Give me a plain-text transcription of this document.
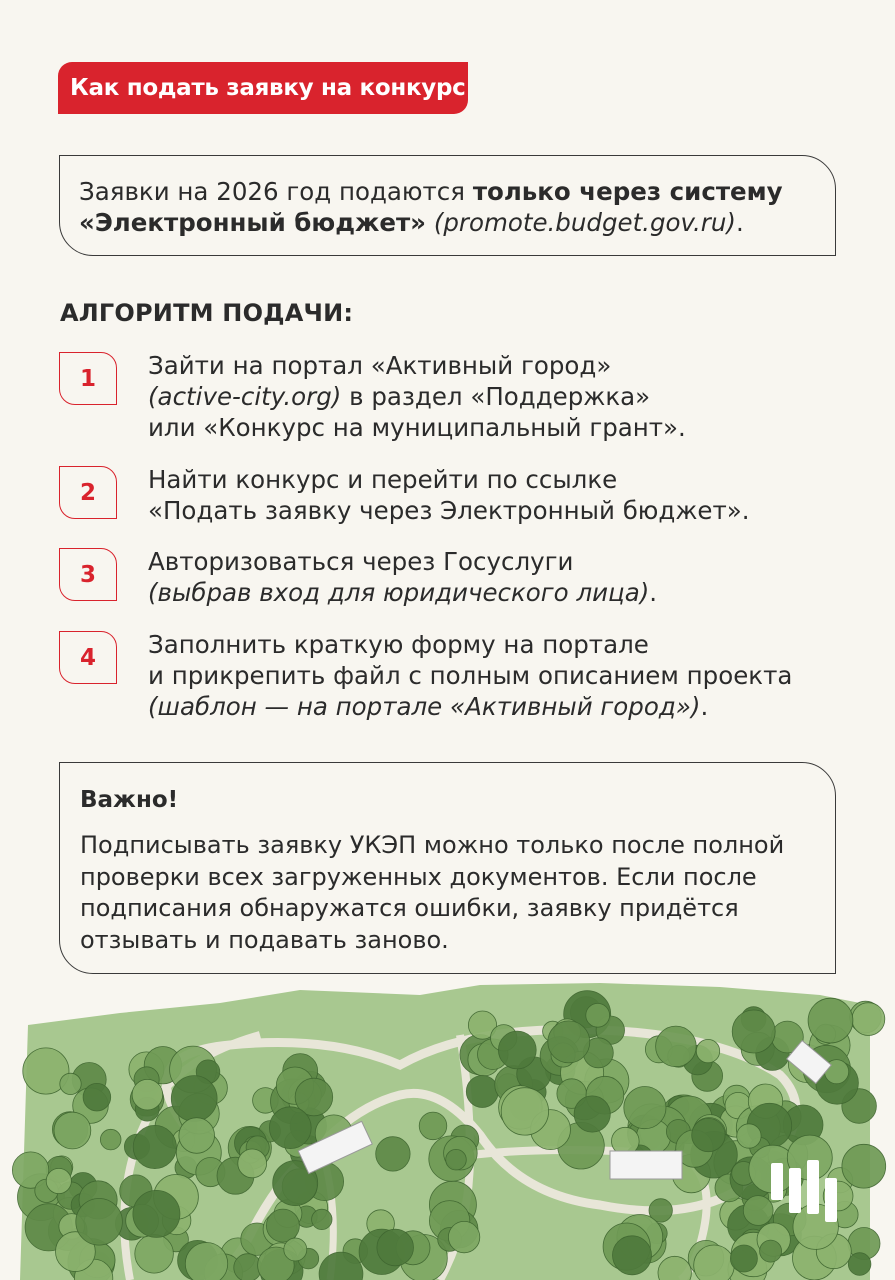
Как подать заявку на конкурс
Заявки на 2026 год подаются только через систему «Электронный бюджет» (promote.budget.gov.ru).
АЛГОРИТМ ПОДАЧИ:
1	Зайти на портал «Активный город»
(active-city.org) в раздел «Поддержка»
или «Конкурс на муниципальный грант».
2	Найти конкурс и перейти по ссылке
«Подать заявку через Электронный бюджет».
3	Авторизоваться через Госуслуги
(выбрав вход для юридического лица).
4	Заполнить краткую форму на портале
и прикрепить файл с полным описанием проекта
(шаблон — на портале «Активный город»).
Важно!
Подписывать заявку УКЭП можно только после полной проверки всех загруженных документов. Если после подписания обнаружатся ошибки, заявку придётся отзывать и подавать заново.
